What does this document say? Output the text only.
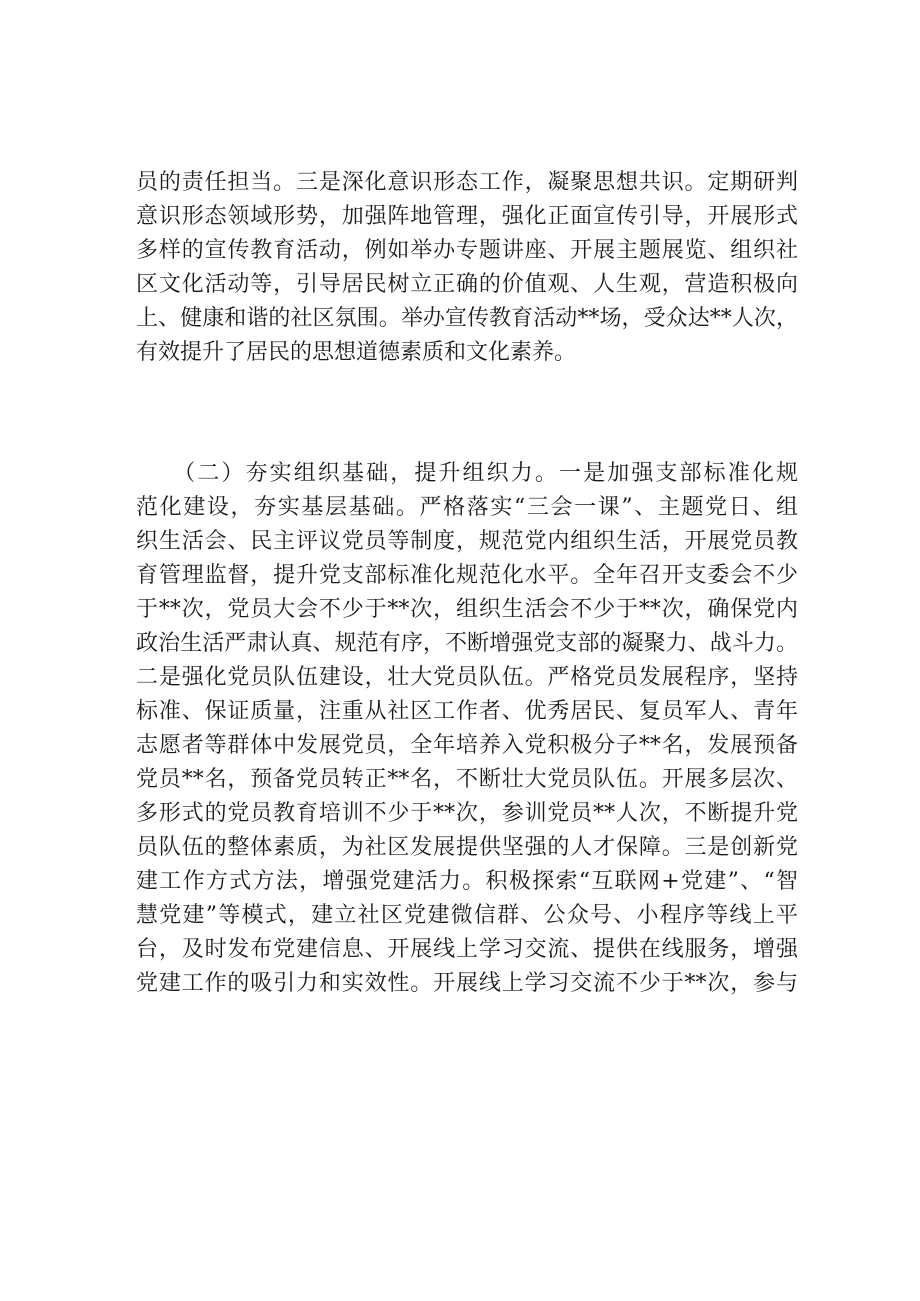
员的责任担当。三是深化意识形态工作，凝聚思想共识。定期研判
意识形态领域形势，加强阵地管理，强化正面宣传引导，开展形式
多样的宣传教育活动，例如举办专题讲座、开展主题展览、组织社
区文化活动等，引导居民树立正确的价值观、人生观，营造积极向
上、健康和谐的社区氛围。举办宣传教育活动**场，受众达**人次，
有效提升了居民的思想道德素质和文化素养。
　　（二）夯实组织基础，提升组织力。一是加强支部标准化规
范化建设，夯实基层基础。严格落实“三会一课”、主题党日、组
织生活会、民主评议党员等制度，规范党内组织生活，开展党员教
育管理监督，提升党支部标准化规范化水平。全年召开支委会不少
于**次，党员大会不少于**次，组织生活会不少于**次，确保党内
政治生活严肃认真、规范有序，不断增强党支部的凝聚力、战斗力。
二是强化党员队伍建设，壮大党员队伍。严格党员发展程序，坚持
标准、保证质量，注重从社区工作者、优秀居民、复员军人、青年
志愿者等群体中发展党员，全年培养入党积极分子**名，发展预备
党员**名，预备党员转正**名，不断壮大党员队伍。开展多层次、
多形式的党员教育培训不少于**次，参训党员**人次，不断提升党
员队伍的整体素质，为社区发展提供坚强的人才保障。三是创新党
建工作方式方法，增强党建活力。积极探索“互联网+党建”、“智
慧党建”等模式，建立社区党建微信群、公众号、小程序等线上平
台，及时发布党建信息、开展线上学习交流、提供在线服务，增强
党建工作的吸引力和实效性。开展线上学习交流不少于**次，参与
